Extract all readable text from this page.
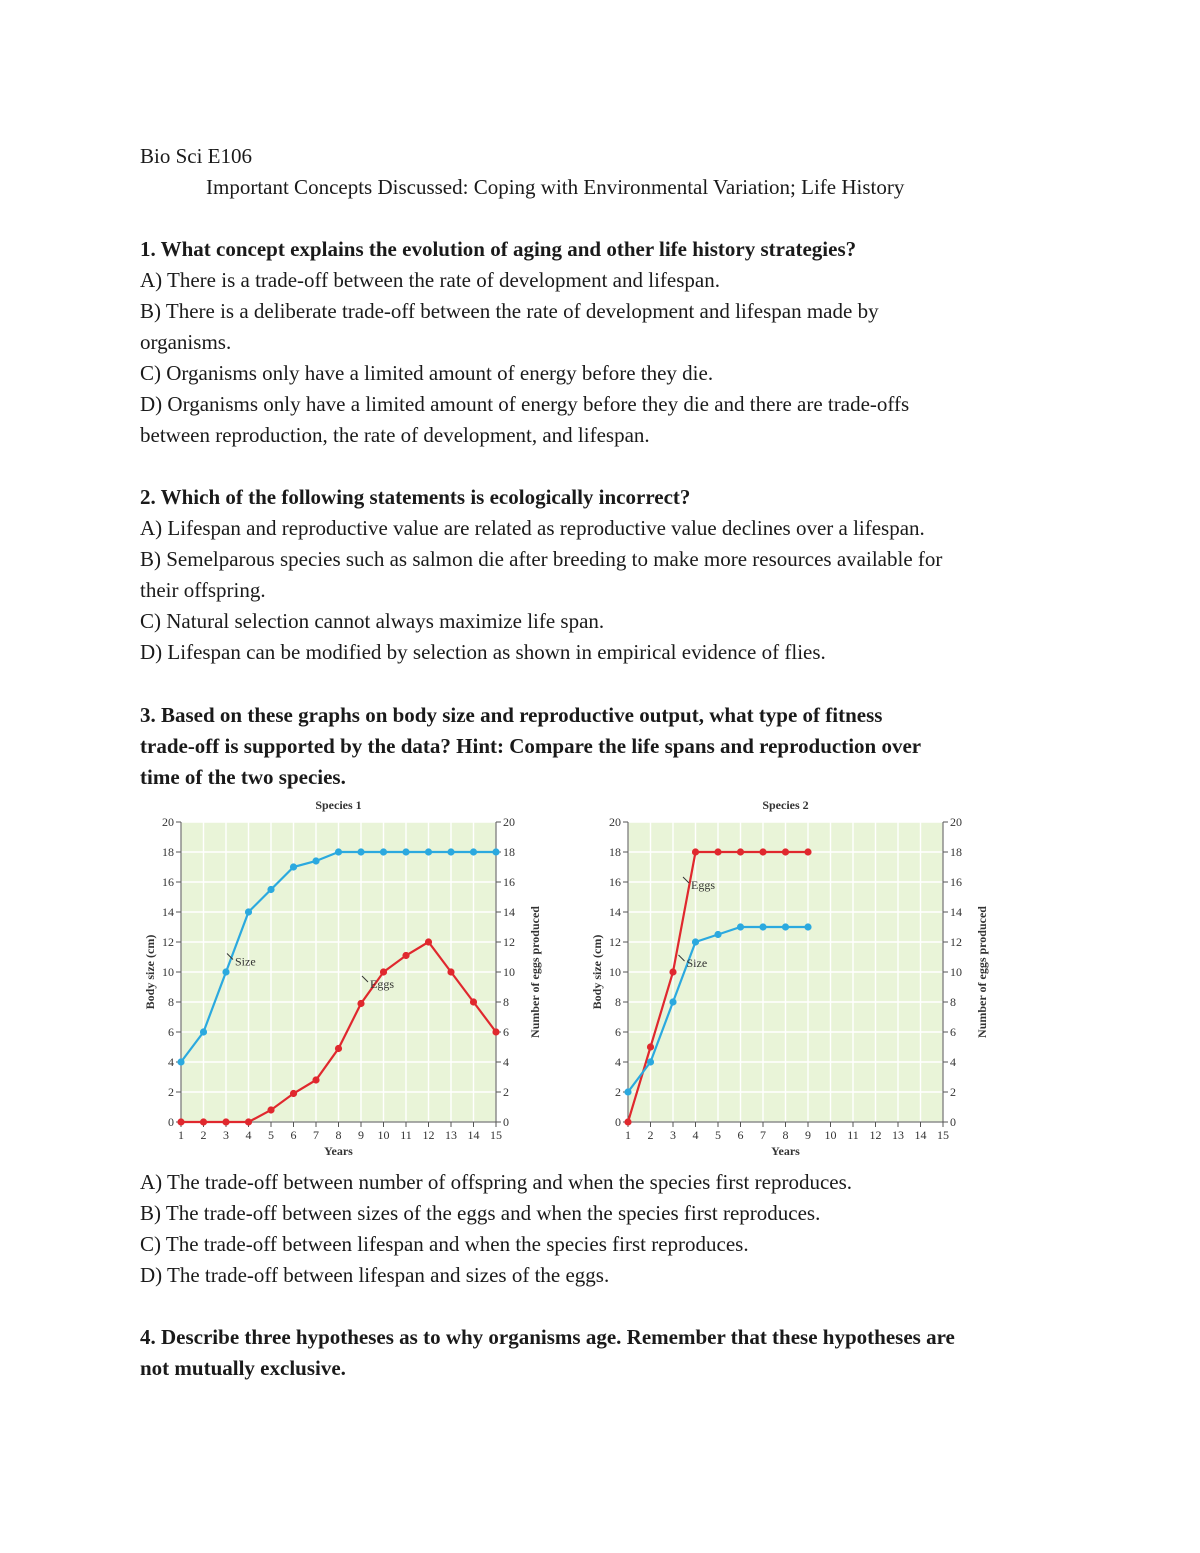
Bio Sci E106
Important Concepts Discussed: Coping with Environmental Variation; Life History
1. What concept explains the evolution of aging and other life history strategies?
A) There is a trade-off between the rate of development and lifespan.
B) There is a deliberate trade-off between the rate of development and lifespan made by
organisms.
C) Organisms only have a limited amount of energy before they die.
D) Organisms only have a limited amount of energy before they die and there are trade-offs
between reproduction, the rate of development, and lifespan.
2. Which of the following statements is ecologically incorrect?
A) Lifespan and reproductive value are related as reproductive value declines over a lifespan.
B) Semelparous species such as salmon die after breeding to make more resources available for
their offspring.
C) Natural selection cannot always maximize life span.
D) Lifespan can be modified by selection as shown in empirical evidence of flies.
3. Based on these graphs on body size and reproductive output, what type of fitness
trade-off is supported by the data? Hint: Compare the life spans and reproduction over
time of the two species.
0	0
2	2
4	4
6	6
8	8
10	10
12	12
14	14
16	16
18	18
20	20
1 2 3 4 5 6 7 8 9 10 11 12 13 14 15
Species 1
Years
Body size (cm)	Number of eggs produced
Size
Eggs
0	0
2	2
4	4
6	6
8	8
10	10
12	12
14	14
16	16
18	18
20	20
1 2 3 4 5 6 7 8 9 10 11 12 13 14 15
Species 2
Years
Body size (cm)	Number of eggs produced
Eggs
Size
A) The trade-off between number of offspring and when the species first reproduces.
B) The trade-off between sizes of the eggs and when the species first reproduces.
C) The trade-off between lifespan and when the species first reproduces.
D) The trade-off between lifespan and sizes of the eggs.
4. Describe three hypotheses as to why organisms age. Remember that these hypotheses are
not mutually exclusive.
